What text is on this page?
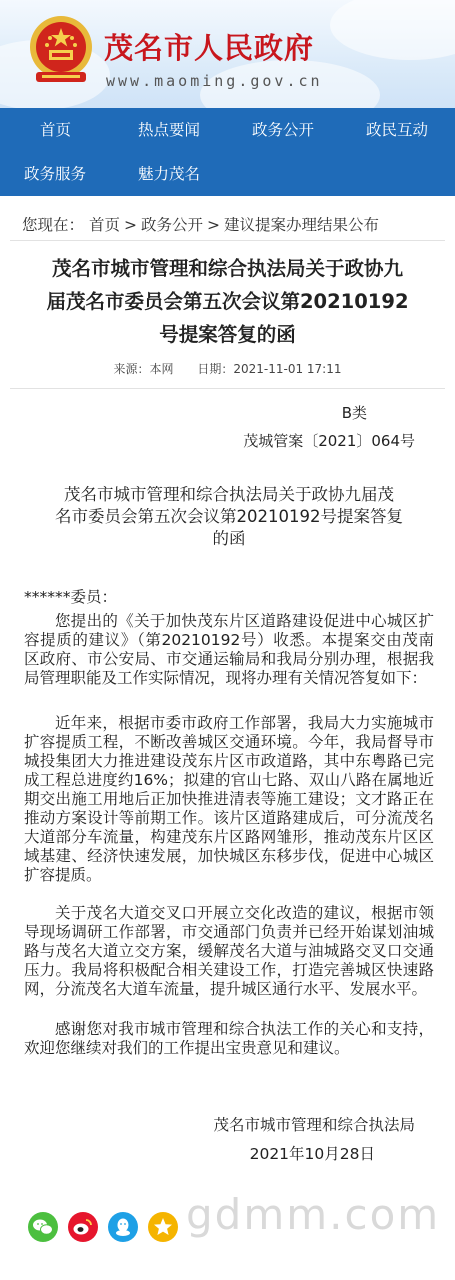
茂名市人民政府
www.maoming.gov.cn
首页	热点要闻	政务公开	政民互动
政务服务	魅力茂名
您现在： 首页 > 政务公开 > 建议提案办理结果公布
茂名市城市管理和综合执法局关于政协九
届茂名市委员会第五次会议第20210192
号提案答复的函
来源：本网 日期：2021-11-01 17:11
B类
茂城管案〔2021〕064号
茂名市城市管理和综合执法局关于政协九届茂
名市委员会第五次会议第20210192号提案答复
的函
******委员：
您提出的《关于加快茂东片区道路建设促进中心城区扩容提质的建议》（第20210192号）收悉。本提案交由茂南区政府、市公安局、市交通运输局和我局分别办理，根据我局管理职能及工作实际情况，现将办理有关情况答复如下：
近年来，根据市委市政府工作部署，我局大力实施城市扩容提质工程，不断改善城区交通环境。今年，我局督导市城投集团大力推进建设茂东片区市政道路，其中东粤路已完成工程总进度约16%；拟建的官山七路、双山八路在属地近期交出施工用地后正加快推进清表等施工建设；文才路正在推动方案设计等前期工作。该片区道路建成后，可分流茂名大道部分车流量，构建茂东片区路网雏形，推动茂东片区区域基建、经济快速发展，加快城区东移步伐，促进中心城区扩容提质。
关于茂名大道交叉口开展立交化改造的建议，根据市领导现场调研工作部署，市交通部门负责并已经开始谋划油城路与茂名大道立交方案，缓解茂名大道与油城路交叉口交通压力。我局将积极配合相关建设工作，打造完善城区快速路网，分流茂名大道车流量，提升城区通行水平、发展水平。
感谢您对我市城市管理和综合执法工作的关心和支持，欢迎您继续对我们的工作提出宝贵意见和建议。
茂名市城市管理和综合执法局
2021年10月28日
gdmm.com
